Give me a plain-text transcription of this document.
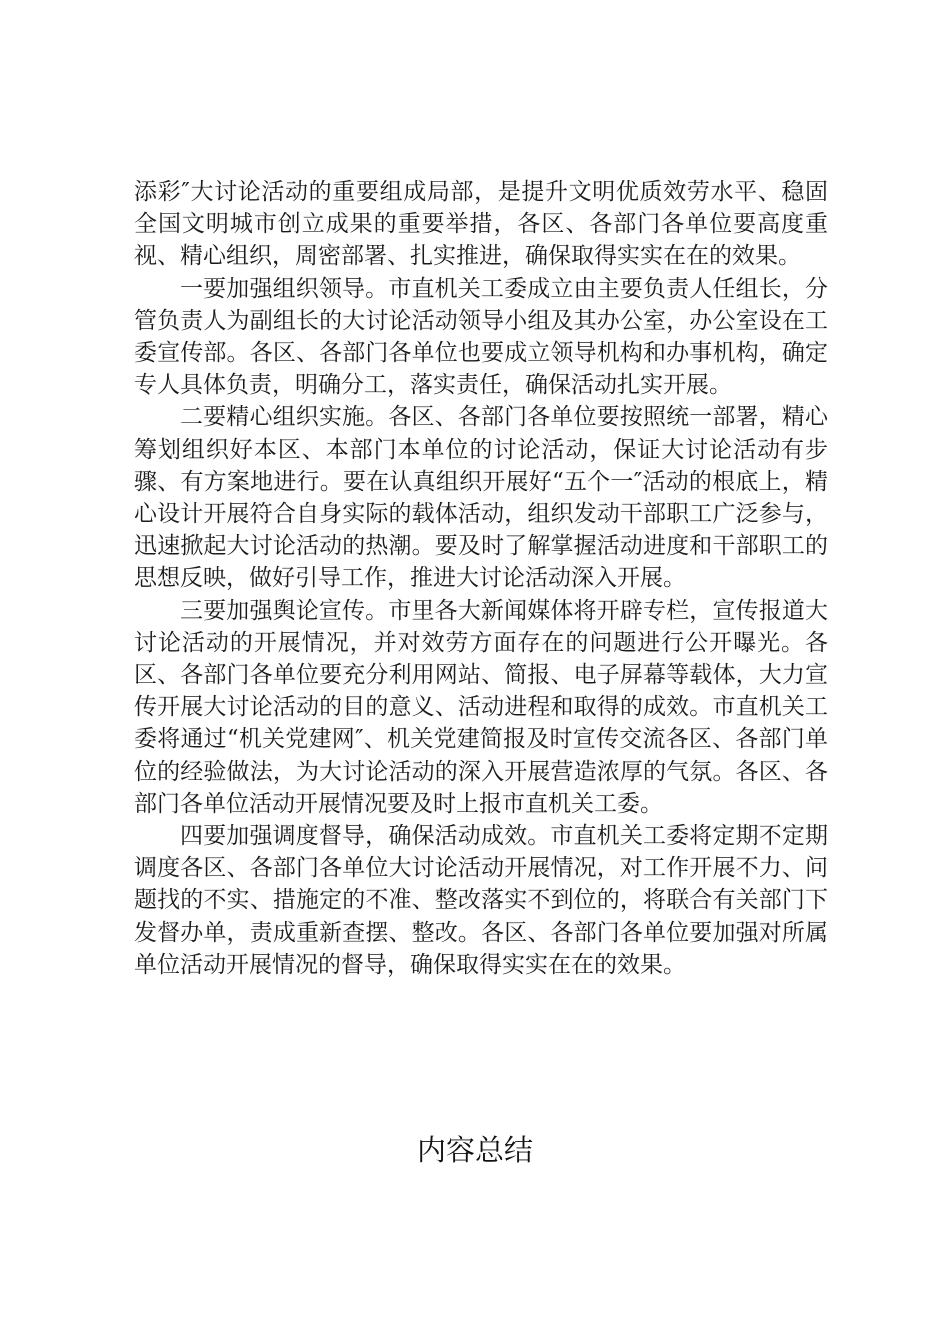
添彩″大讨论活动的重要组成局部，是提升文明优质效劳水平、稳固全国文明城市创立成果的重要举措，各区、各部门各单位要高度重视、精心组织，周密部署、扎实推进，确保取得实实在在的效果。

一要加强组织领导。市直机关工委成立由主要负责人任组长，分管负责人为副组长的大讨论活动领导小组及其办公室，办公室设在工委宣传部。各区、各部门各单位也要成立领导机构和办事机构，确定专人具体负责，明确分工，落实责任，确保活动扎实开展。

二要精心组织实施。各区、各部门各单位要按照统一部署，精心筹划组织好本区、本部门本单位的讨论活动，保证大讨论活动有步骤、有方案地进行。要在认真组织开展好“五个一″活动的根底上，精心设计开展符合自身实际的载体活动，组织发动干部职工广泛参与，迅速掀起大讨论活动的热潮。要及时了解掌握活动进度和干部职工的思想反映，做好引导工作，推进大讨论活动深入开展。

三要加强舆论宣传。市里各大新闻媒体将开辟专栏，宣传报道大讨论活动的开展情况，并对效劳方面存在的问题进行公开曝光。各区、各部门各单位要充分利用网站、简报、电子屏幕等载体，大力宣传开展大讨论活动的目的意义、活动进程和取得的成效。市直机关工委将通过“机关党建网″、机关党建简报及时宣传交流各区、各部门单位的经验做法，为大讨论活动的深入开展营造浓厚的气氛。各区、各部门各单位活动开展情况要及时上报市直机关工委。

四要加强调度督导，确保活动成效。市直机关工委将定期不定期调度各区、各部门各单位大讨论活动开展情况，对工作开展不力、问题找的不实、措施定的不准、整改落实不到位的，将联合有关部门下发督办单，责成重新查摆、整改。各区、各部门各单位要加强对所属单位活动开展情况的督导，确保取得实实在在的效果。

内容总结
